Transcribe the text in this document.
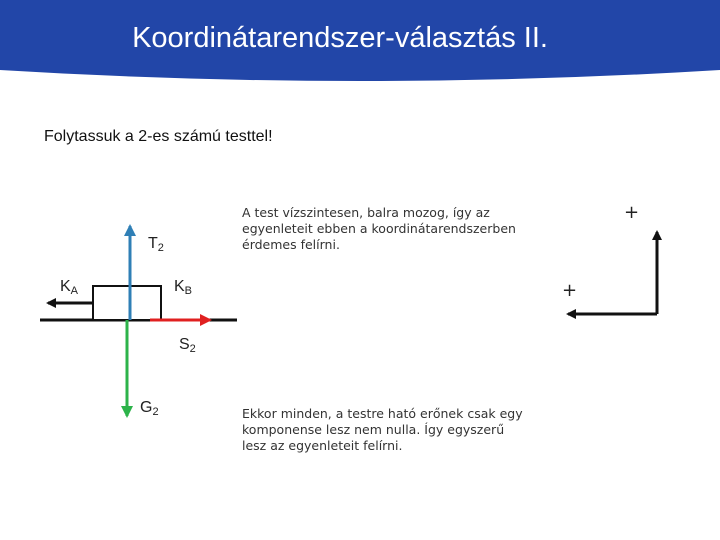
Koordinátarendszer-választás II.
Folytassuk a 2-es számú testtel!
T2
KA	KB
S2
G2
+
+
A test vízszintesen, balra mozog, így az egyenleteit ebben a koordinátarendszerben érdemes felírni.
Ekkor minden, a testre ható erőnek csak egy komponense lesz nem nulla. Így egyszerű lesz az egyenleteit felírni.
